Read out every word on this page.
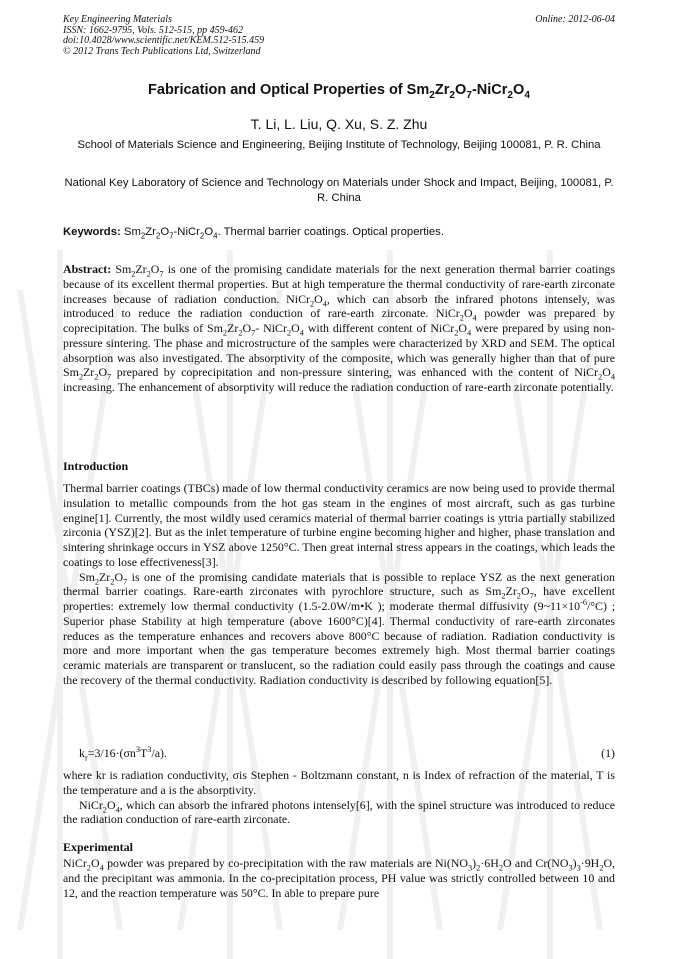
Key Engineering Materials
ISSN: 1662-9795, Vols. 512-515, pp 459-462
doi:10.4028/www.scientific.net/KEM.512-515.459
© 2012 Trans Tech Publications Ltd, Switzerland
Online: 2012-06-04
Fabrication and Optical Properties of $Sm_2Zr_2O_7-NiCr_2O_4$
T. Li, L. Liu, Q. Xu, S. Z. Zhu
School of Materials Science and Engineering, Beijing Institute of Technology, Beijing 100081, P. R. China
National Key Laboratory of Science and Technology on Materials under Shock and Impact, Beijing, 100081, P. R. China
Keywords: $Sm_2Zr_2O_7-NiCr_2O_4$. Thermal barrier coatings. Optical properties.

Abstract: $Sm_2Zr_2O_7$ is one of the promising candidate materials for the next generation thermal barrier coatings because of its excellent thermal properties. But at high temperature the thermal conductivity of rare-earth zirconate increases because of radiation conduction. $NiCr_2O_4$, which can absorb the infrared photons intensely, was introduced to reduce the radiation conduction of rare-earth zirconate. $NiCr_2O_4$ powder was prepared by coprecipitation. The bulks of $Sm_2Zr_2O_7-$ $NiCr_2O_4$ with different content of $NiCr_2O_4$ were prepared by using non-pressure sintering. The phase and microstructure of the samples were characterized by XRD and SEM. The optical absorption was also investigated. The absorptivity of the composite, which was generally higher than that of pure $Sm_2Zr_2O_7$ prepared by coprecipitation and non-pressure sintering, was enhanced with the content of $NiCr_2O_4$ increasing. The enhancement of absorptivity will reduce the radiation conduction of rare-earth zirconate potentially.

Introduction

Thermal barrier coatings (TBCs) made of low thermal conductivity ceramics are now being used to provide thermal insulation to metallic compounds from the hot gas steam in the engines of most aircraft, such as gas turbine engine[1]. Currently, the most wildly used ceramics material of thermal barrier coatings is yttria partially stabilized zirconia (YSZ)[2]. But as the inlet temperature of turbine engine becoming higher and higher, phase translation and sintering shrinkage occurs in YSZ above 1250°C. Then great internal stress appears in the coatings, which leads the coatings to lose effectiveness[3].

$Sm_2Zr_2O_7$ is one of the promising candidate materials that is possible to replace YSZ as the next generation thermal barrier coatings. Rare-earth zirconates with pyrochlore structure, such as $Sm_2Zr_2O_7$, have excellent properties: extremely low thermal conductivity (1.5-2.0W/m•K ); moderate thermal diffusivity $(9\sim 11\times 10^{-6}/^\circ C)$ ; Superior phase Stability at high temperature (above 1600°C)[4]. Thermal conductivity of rare-earth zirconates reduces as the temperature enhances and recovers above 800°C because of radiation. Radiation conductivity is more and more important when the gas temperature becomes extremely high. Most thermal barrier coatings ceramic materials are transparent or translucent, so the radiation could easily pass through the coatings and cause the recovery of the thermal conductivity. Radiation conductivity is described by following equation[5].

$k_r=3/16\cdot(\sigma n^3T^3/a)$.	(1)

where kr is radiation conductivity, σis Stephen - Boltzmann constant, n is Index of refraction of the material, T is the temperature and a is the absorptivity.

$NiCr_2O_4$, which can absorb the infrared photons intensely[6], with the spinel structure was introduced to reduce the radiation conduction of rare-earth zirconate.

Experimental

$NiCr_2O_4$ powder was prepared by co-precipitation with the raw materials are $Ni(NO_3)_2\cdot 6H_2O$ and $Cr(NO_3)_3\cdot 9H_2O$, and the precipitant was ammonia. In the co-precipitation process, PH value was strictly controlled between 10 and 12, and the reaction temperature was 50°C. In able to prepare pure
